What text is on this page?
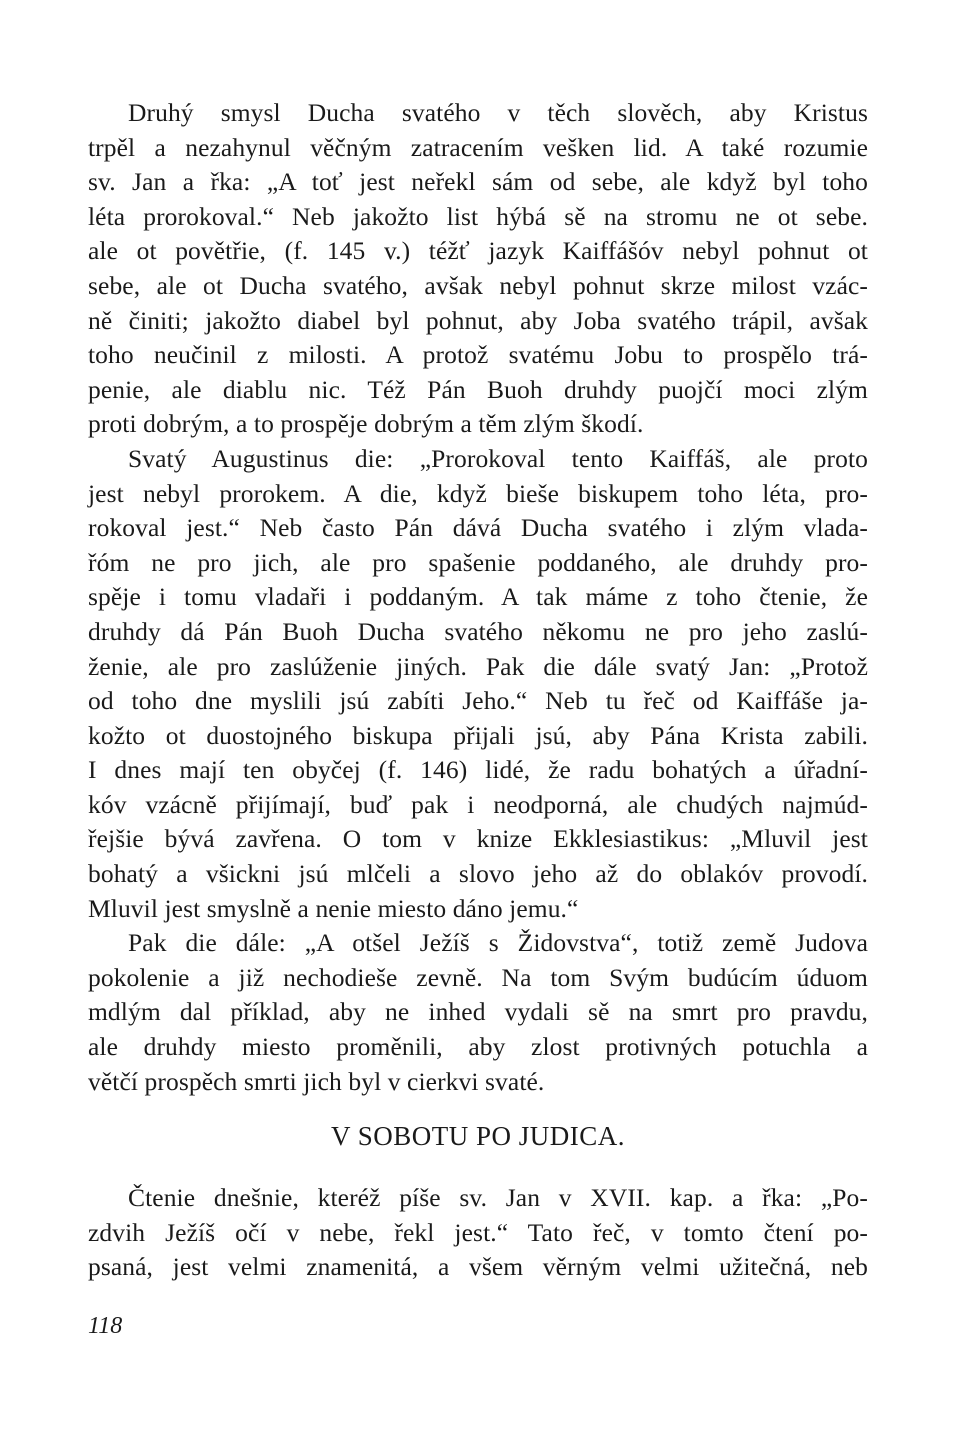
Druhý smysl Ducha svatého v těch slověch, aby Kristus
trpěl a nezahynul věčným zatracením vešken lid. A také rozumie
sv. Jan a řka: „A toť jest neřekl sám od sebe, ale když byl toho
léta prorokoval.“ Neb jakožto list hýbá sě na stromu ne ot sebe.
ale ot povětřie, (f. 145 v.) téžť jazyk Kaiffášóv nebyl pohnut ot
sebe, ale ot Ducha svatého, avšak nebyl pohnut skrze milost vzác-
ně činiti; jakožto diabel byl pohnut, aby Joba svatého trápil, avšak
toho neučinil z milosti. A protož svatému Jobu to prospělo trá-
penie, ale diablu nic. Též Pán Buoh druhdy puojčí moci zlým
proti dobrým, a to prospěje dobrým a těm zlým škodí.
Svatý Augustinus die: „Prorokoval tento Kaiffáš, ale proto
jest nebyl prorokem. A die, když bieše biskupem toho léta, pro-
rokoval jest.“ Neb často Pán dává Ducha svatého i zlým vlada-
řóm ne pro jich, ale pro spašenie poddaného, ale druhdy pro-
spěje i tomu vladaři i poddaným. A tak máme z toho čtenie, že
druhdy dá Pán Buoh Ducha svatého někomu ne pro jeho zaslú-
ženie, ale pro zaslúženie jiných. Pak die dále svatý Jan: „Protož
od toho dne myslili jsú zabíti Jeho.“ Neb tu řeč od Kaiffáše ja-
kožto ot duostojného biskupa přijali jsú, aby Pána Krista zabili.
I dnes mají ten obyčej (f. 146) lidé, že radu bohatých a úřadní-
kóv vzácně přijímají, buď pak i neodporná, ale chudých najmúd-
řejšie bývá zavřena. O tom v knize Ekklesiastikus: „Mluvil jest
bohatý a všickni jsú mlčeli a slovo jeho až do oblakóv provodí.
Mluvil jest smyslně a nenie miesto dáno jemu.“
Pak die dále: „A otšel Ježíš s Židovstva“, totiž země Judova
pokolenie a již nechodieše zevně. Na tom Svým budúcím úduom
mdlým dal příklad, aby ne inhed vydali sě na smrt pro pravdu,
ale druhdy miesto proměnili, aby zlost protivných potuchla a
větčí prospěch smrti jich byl v cierkvi svaté.
V SOBOTU PO JUDICA.
Čtenie dnešnie, kteréž píše sv. Jan v XVII. kap. a řka: „Po-
zdvih Ježíš očí v nebe, řekl jest.“ Tato řeč, v tomto čtení po-
psaná, jest velmi znamenitá, a všem věrným velmi užitečná, neb
118
